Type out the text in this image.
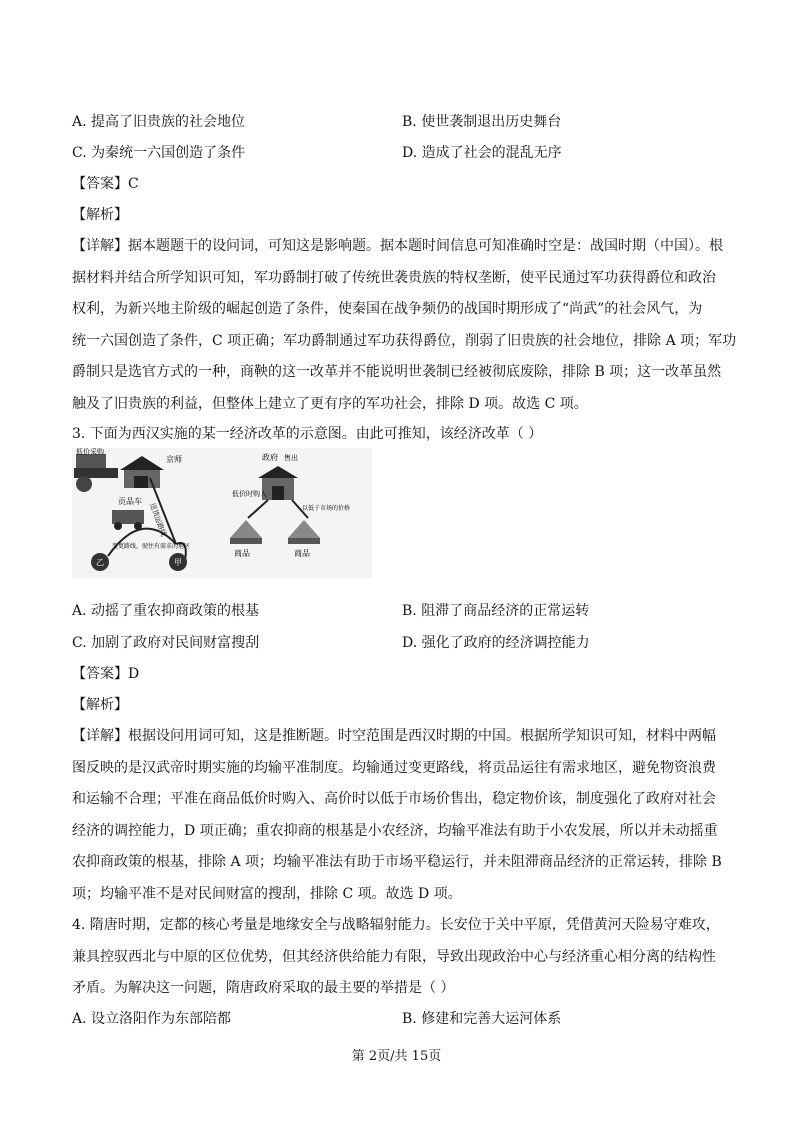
A. 提高了旧贵族的社会地位	B. 使世袭制退出历史舞台
C. 为秦统一六国创造了条件	D. 造成了社会的混乱无序
【答案】C
【解析】
【详解】据本题题干的设问词，可知这是影响题。据本题时间信息可知准确时空是：战国时期（中国）。根
据材料并结合所学知识可知，军功爵制打破了传统世袭贵族的特权垄断，使平民通过军功获得爵位和政治
权利，为新兴地主阶级的崛起创造了条件，使秦国在战争频仍的战国时期形成了“尚武”的社会风气，为
统一六国创造了条件，C 项正确；军功爵制通过军功获得爵位，削弱了旧贵族的社会地位，排除 A 项；军功
爵制只是选官方式的一种，商鞅的这一改革并不能说明世袭制已经被彻底废除，排除 B 项；这一改革虽然
触及了旧贵族的利益，但整体上建立了更有序的军功社会，排除 D 项。故选 C 项。
3. 下面为西汉实施的某一经济改革的示意图。由此可推知，该经济改革（ ）
低价采购
京师
送货运路线
贡品车
变更路线，驶往有需求的地区
乙	甲
政府
低价时购入
售出
以低于市场的价格
商品	商品
A. 动摇了重农抑商政策的根基	B. 阻滞了商品经济的正常运转
C. 加剧了政府对民间财富搜刮	D. 强化了政府的经济调控能力
【答案】D
【解析】
【详解】根据设问用词可知，这是推断题。时空范围是西汉时期的中国。根据所学知识可知，材料中两幅
图反映的是汉武帝时期实施的均输平准制度。均输通过变更路线，将贡品运往有需求地区，避免物资浪费
和运输不合理；平准在商品低价时购入、高价时以低于市场价售出，稳定物价该，制度强化了政府对社会
经济的调控能力，D 项正确；重农抑商的根基是小农经济，均输平准法有助于小农发展，所以并未动摇重
农抑商政策的根基，排除 A 项；均输平准法有助于市场平稳运行，并未阻滞商品经济的正常运转，排除 B
项；均输平准不是对民间财富的搜刮，排除 C 项。故选 D 项。
4. 隋唐时期，定都的核心考量是地缘安全与战略辐射能力。长安位于关中平原，凭借黄河天险易守难攻，
兼具控驭西北与中原的区位优势，但其经济供给能力有限，导致出现政治中心与经济重心相分离的结构性
矛盾。为解决这一问题，隋唐政府采取的最主要的举措是（ ）
A. 设立洛阳作为东部陪都	B. 修建和完善大运河体系
第 2页/共 15页
